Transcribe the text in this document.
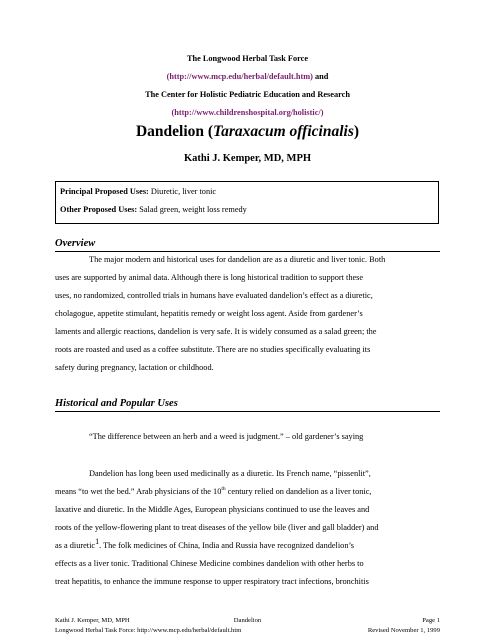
The Longwood Herbal Task Force
(http://www.mcp.edu/herbal/default.htm) and
The Center for Holistic Pediatric Education and Research
(http://www.childrenshospital.org/holistic/)
Dandelion (Taraxacum officinalis)
Kathi J. Kemper, MD, MPH
Principal Proposed Uses: Diuretic, liver tonic
Other Proposed Uses: Salad green, weight loss remedy
Overview
The major modern and historical uses for dandelion are as a diuretic and liver tonic. Both
uses are supported by animal data. Although there is long historical tradition to support these
uses, no randomized, controlled trials in humans have evaluated dandelion’s effect as a diuretic,
cholagogue, appetite stimulant, hepatitis remedy or weight loss agent. Aside from gardener’s
laments and allergic reactions, dandelion is very safe. It is widely consumed as a salad green; the
roots are roasted and used as a coffee substitute. There are no studies specifically evaluating its
safety during pregnancy, lactation or childhood.
Historical and Popular Uses
“The difference between an herb and a weed is judgment.” – old gardener’s saying
Dandelion has long been used medicinally as a diuretic. Its French name, “pissenlit”,
means “to wet the bed.” Arab physicians of the 10th century relied on dandelion as a liver tonic,
laxative and diuretic. In the Middle Ages, European physicians continued to use the leaves and
roots of the yellow-flowering plant to treat diseases of the yellow bile (liver and gall bladder) and
as a diuretic$^1$. The folk medicines of China, India and Russia have recognized dandelion’s
effects as a liver tonic. Traditional Chinese Medicine combines dandelion with other herbs to
treat hepatitis, to enhance the immune response to upper respiratory tract infections, bronchitis
Kathi J. Kemper, MD, MPH	Dandelion	Page 1
Longwood Herbal Task Force: http://www.mcp.edu/herbal/default.htm	Revised November 1, 1999
